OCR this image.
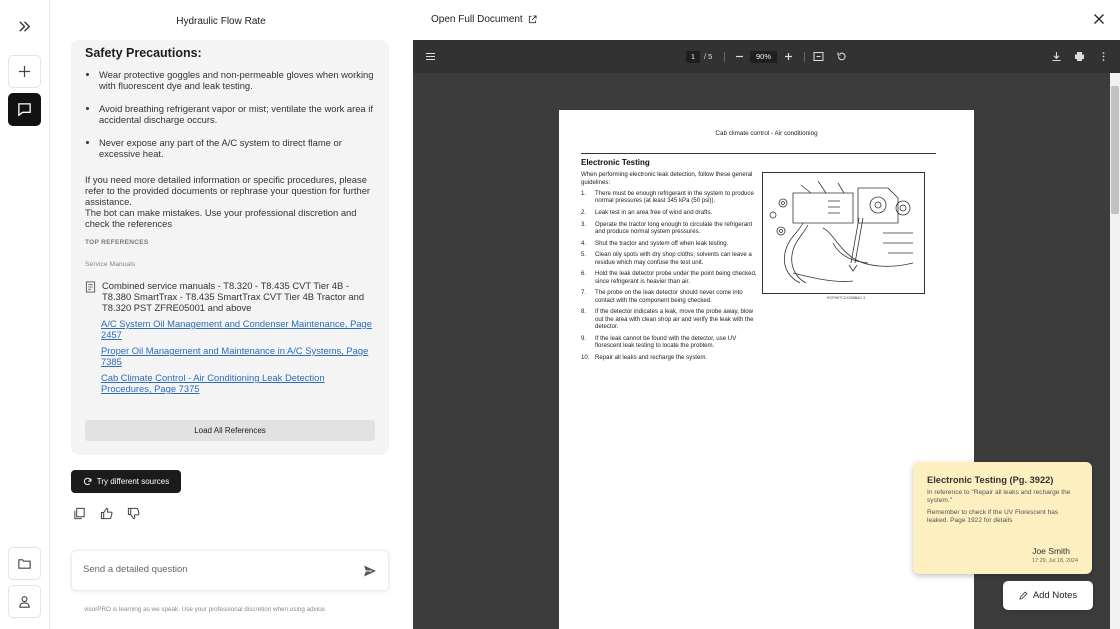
Hydraulic Flow Rate
Safety Precautions:
• Wear protective goggles and non-permeable gloves when working with fluorescent dye and leak testing.
• Avoid breathing refrigerant vapor or mist; ventilate the work area if accidental discharge occurs.
• Never expose any part of the A/C system to direct flame or excessive heat.
If you need more detailed information or specific procedures, please refer to the provided documents or rephrase your question for further assistance.
The bot can make mistakes. Use your professional discretion and check the references
TOP REFERENCES
Service Manuals
Combined service manuals - T8.320 - T8.435 CVT Tier 4B - T8.380 SmartTrax - T8.435 SmartTrax CVT Tier 4B Tractor and T8.320 PST ZFRE05001 and above
A/C System Oil Management and Condenser Maintenance, Page 2457
Proper Oil Management and Maintenance in A/C Systems, Page 7385
Cab Climate Control - Air Conditioning Leak Detection Procedures, Page 7375
Load All References
Try different sources
Send a detailed question
visorPRO is learning as we speak. Use your professional discretion when using advice.
Open Full Document
1	/ 5	90%
Cab climate control - Air conditioning
Electronic Testing
When performing electronic leak detection, follow these general guidelines:
1.	There must be enough refrigerant in the system to produce normal pressures (at least 345 kPa (50 psi)).
2.	Leak test in an area free of wind and drafts.
3.	Operate the tractor long enough to circulate the refrigerant and produce normal system pressures.
4.	Shut the tractor and system off when leak testing.
5.	Clean oily spots with dry shop cloths; solvents can leave a residue which may confuse the test unit.
6.	Hold the leak detector probe under the point being checked, since refrigerant is heavier than air.
7.	The probe on the leak detector should never come into contact with the component being checked.
8.	If the detector indicates a leak, move the probe away, blow out the area with clean shop air and verify the leak with the detector.
9.	If the leak cannot be found with the detector, use UV florescent leak testing to locate the problem.
10. Repair all leaks and recharge the system.
RCPH97CCX006BAC 3
Electronic Testing (Pg. 3922)
In reference to "Repair all leaks and recharge the system."
Remember to check if the UV Florescent has leaked. Page 1922 for details
Joe Smith
17:29, Jul 18, 2024
Add Notes
